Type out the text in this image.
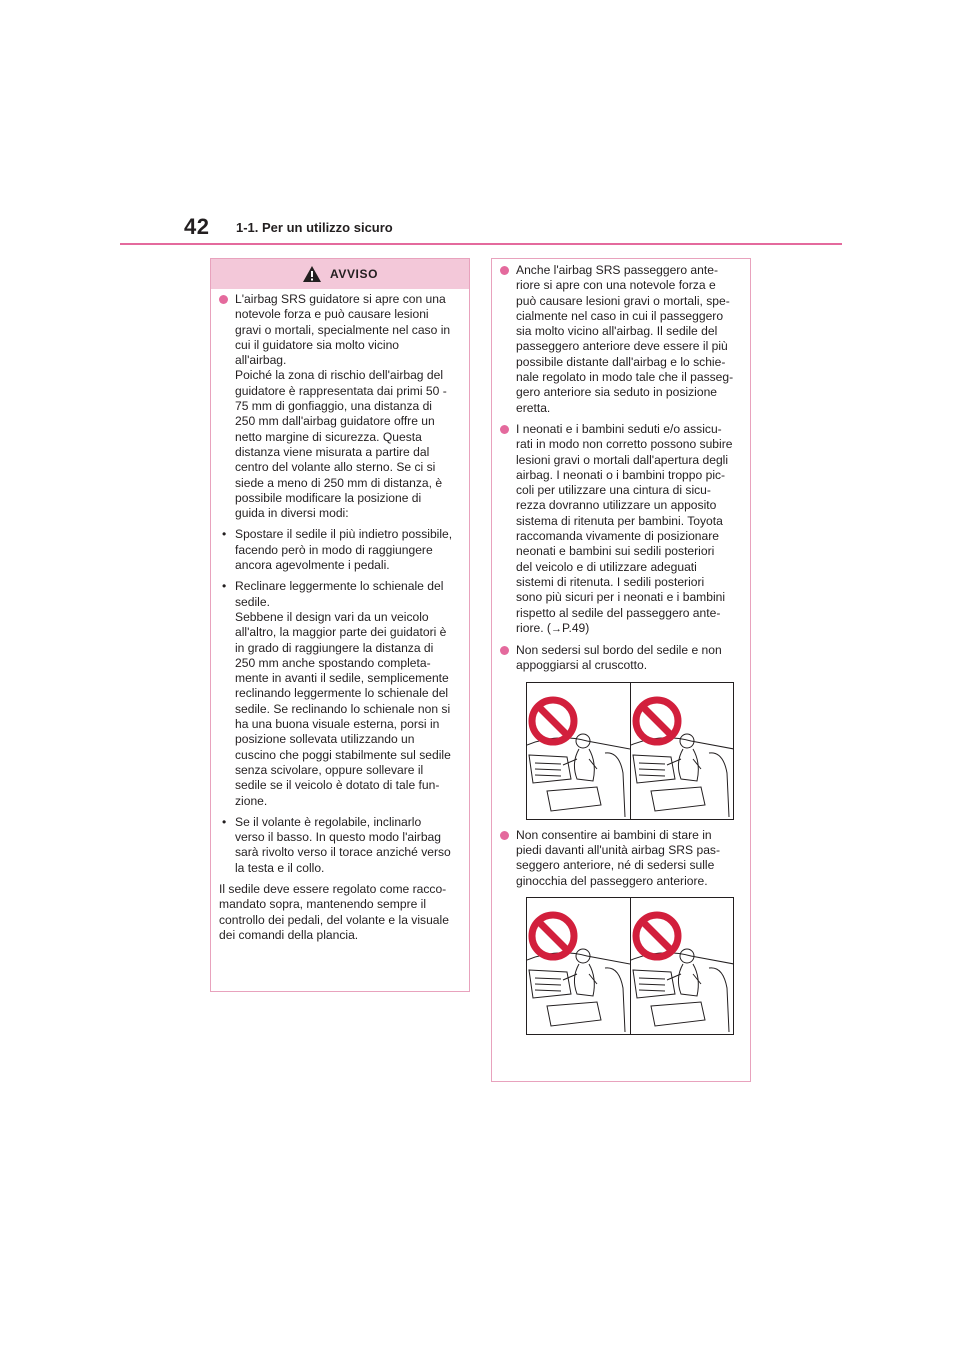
42 1-1. Per un utilizzo sicuro
AVVISO
L'airbag SRS guidatore si apre con una
notevole forza e può causare lesioni
gravi o mortali, specialmente nel caso in
cui il guidatore sia molto vicino
all'airbag.
Poiché la zona di rischio dell'airbag del
guidatore è rappresentata dai primi 50 -
75 mm di gonfiaggio, una distanza di
250 mm dall'airbag guidatore offre un
netto margine di sicurezza. Questa
distanza viene misurata a partire dal
centro del volante allo sterno. Se ci si
siede a meno di 250 mm di distanza, è
possibile modificare la posizione di
guida in diversi modi:
• Spostare il sedile il più indietro possibile,
facendo però in modo di raggiungere
ancora agevolmente i pedali.
• Reclinare leggermente lo schienale del
sedile.
Sebbene il design vari da un veicolo
all'altro, la maggior parte dei guidatori è
in grado di raggiungere la distanza di
250 mm anche spostando completa-
mente in avanti il sedile, semplicemente
reclinando leggermente lo schienale del
sedile. Se reclinando lo schienale non si
ha una buona visuale esterna, porsi in
posizione sollevata utilizzando un
cuscino che poggi stabilmente sul sedile
senza scivolare, oppure sollevare il
sedile se il veicolo è dotato di tale fun-
zione.
• Se il volante è regolabile, inclinarlo
verso il basso. In questo modo l'airbag
sarà rivolto verso il torace anziché verso
la testa e il collo.
Il sedile deve essere regolato come racco-
mandato sopra, mantenendo sempre il
controllo dei pedali, del volante e la visuale
dei comandi della plancia.
Anche l'airbag SRS passeggero ante-
riore si apre con una notevole forza e
può causare lesioni gravi o mortali, spe-
cialmente nel caso in cui il passeggero
sia molto vicino all'airbag. Il sedile del
passeggero anteriore deve essere il più
possibile distante dall'airbag e lo schie-
nale regolato in modo tale che il passeg-
gero anteriore sia seduto in posizione
eretta.
I neonati e i bambini seduti e/o assicu-
rati in modo non corretto possono subire
lesioni gravi o mortali dall'apertura degli
airbag. I neonati o i bambini troppo pic-
coli per utilizzare una cintura di sicu-
rezza dovranno utilizzare un apposito
sistema di ritenuta per bambini. Toyota
raccomanda vivamente di posizionare
neonati e bambini sui sedili posteriori
del veicolo e di utilizzare adeguati
sistemi di ritenuta. I sedili posteriori
sono più sicuri per i neonati e i bambini
rispetto al sedile del passeggero ante-
riore. (→P.49)
Non sedersi sul bordo del sedile e non
appoggiarsi al cruscotto.
Non consentire ai bambini di stare in
piedi davanti all'unità airbag SRS pas-
seggero anteriore, né di sedersi sulle
ginocchia del passeggero anteriore.
